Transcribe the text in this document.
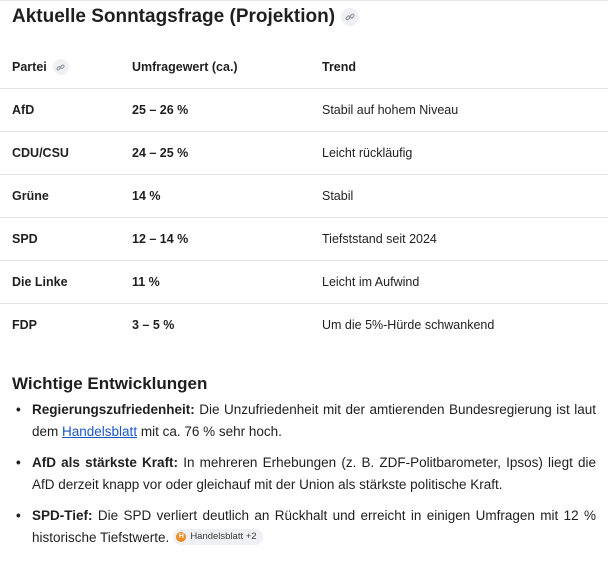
Aktuelle Sonntagsfrage (Projektion)
Partei	Umfragewert (ca.)	Trend
AfD	25 – 26 %	Stabil auf hohem Niveau
CDU/CSU	24 – 25 %	Leicht rückläufig
Grüne	14 %	Stabil
SPD	12 – 14 %	Tiefststand seit 2024
Die Linke	11 %	Leicht im Aufwind
FDP	3 – 5 %	Um die 5%-Hürde schwankend
Wichtige Entwicklungen
• Regierungszufriedenheit: Die Unzufriedenheit mit der amtierenden Bundesregierung ist laut dem Handelsblatt mit ca. 76 % sehr hoch.
• AfD als stärkste Kraft: In mehreren Erhebungen (z. B. ZDF-Politbarometer, Ipsos) liegt die AfD derzeit knapp vor oder gleichauf mit der Union als stärkste politische Kraft.
• SPD-Tief: Die SPD verliert deutlich an Rückhalt und erreicht in einigen Umfragen mit 12 % historische Tiefstwerte.	H Handelsblatt +2
